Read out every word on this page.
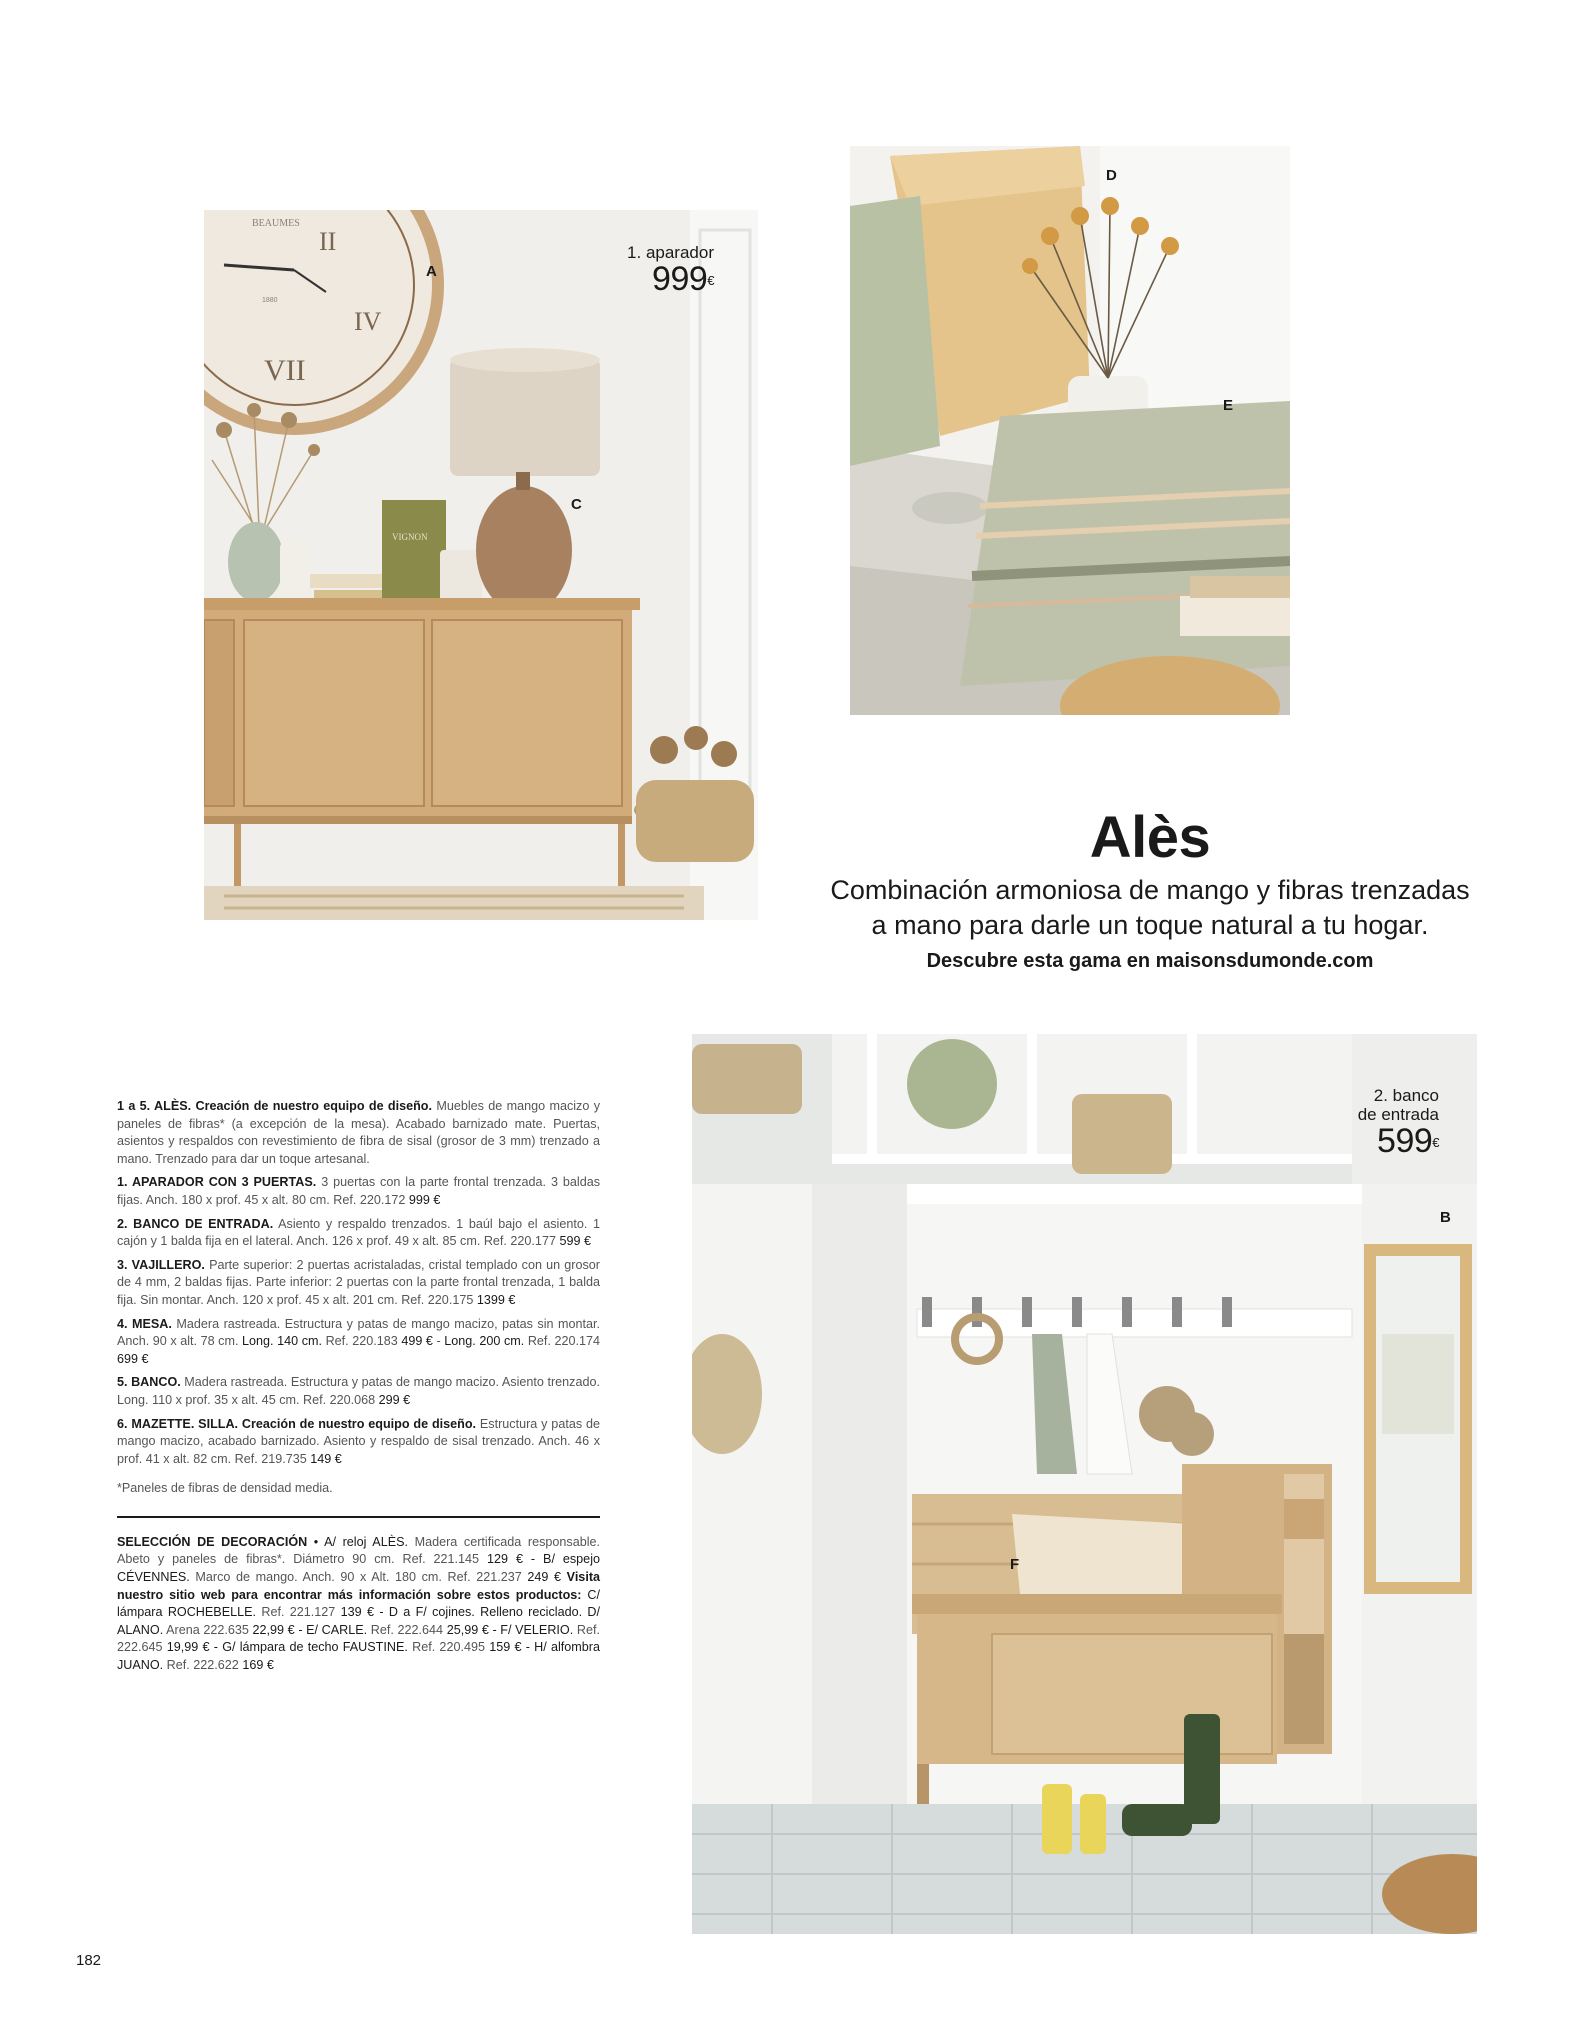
BEAUMES
1880
II
IV
VII
VIGNON
A
C
1. aparador
999€
D
E
Alès
Combinación armoniosa de mango y fibras trenzadas
a mano para darle un toque natural a tu hogar.
Descubre esta gama en maisonsdumonde.com
B
F
2. banco
de entrada
599€

1 a 5. ALÈS. Creación de nuestro equipo de diseño. Muebles de mango macizo y paneles de fibras* (a excepción de la mesa). Acabado barnizado mate. Puertas, asientos y respaldos con revestimiento de fibra de sisal (grosor de 3 mm) trenzado a mano. Trenzado para dar un toque artesanal.

1. APARADOR CON 3 PUERTAS. 3 puertas con la parte frontal trenzada. 3 baldas fijas. Anch. 180 x prof. 45 x alt. 80 cm. Ref. 220.172 999 €

2. BANCO DE ENTRADA. Asiento y respaldo trenzados. 1 baúl bajo el asiento. 1 cajón y 1 balda fija en el lateral. Anch. 126 x prof. 49 x alt. 85 cm. Ref. 220.177 599 €

3. VAJILLERO. Parte superior: 2 puertas acristaladas, cristal templado con un grosor de 4 mm, 2 baldas fijas. Parte inferior: 2 puertas con la parte frontal trenzada, 1 balda fija. Sin montar. Anch. 120 x prof. 45 x alt. 201 cm. Ref. 220.175 1399 €

4. MESA. Madera rastreada. Estructura y patas de mango macizo, patas sin montar. Anch. 90 x alt. 78 cm. Long. 140 cm. Ref. 220.183 499 € - Long. 200 cm. Ref. 220.174 699 €

5. BANCO. Madera rastreada. Estructura y patas de mango macizo. Asiento trenzado. Long. 110 x prof. 35 x alt. 45 cm. Ref. 220.068 299 €

6. MAZETTE. SILLA. Creación de nuestro equipo de diseño. Estructura y patas de mango macizo, acabado barnizado. Asiento y respaldo de sisal trenzado. Anch. 46 x prof. 41 x alt. 82 cm. Ref. 219.735 149 €

*Paneles de fibras de densidad media.

SELECCIÓN DE DECORACIÓN • A/ reloj ALÈS. Madera certificada responsable. Abeto y paneles de fibras*. Diámetro 90 cm. Ref. 221.145 129 € - B/ espejo CÉVENNES. Marco de mango. Anch. 90 x Alt. 180 cm. Ref. 221.237 249 € Visita nuestro sitio web para encontrar más información sobre estos productos: C/ lámpara ROCHEBELLE. Ref. 221.127 139 € - D a F/ cojines. Relleno reciclado. D/ ALANO. Arena 222.635 22,99 € - E/ CARLE. Ref. 222.644 25,99 € - F/ VELERIO. Ref. 222.645 19,99 € - G/ lámpara de techo FAUSTINE. Ref. 220.495 159 € - H/ alfombra JUANO. Ref. 222.622 169 €

182
